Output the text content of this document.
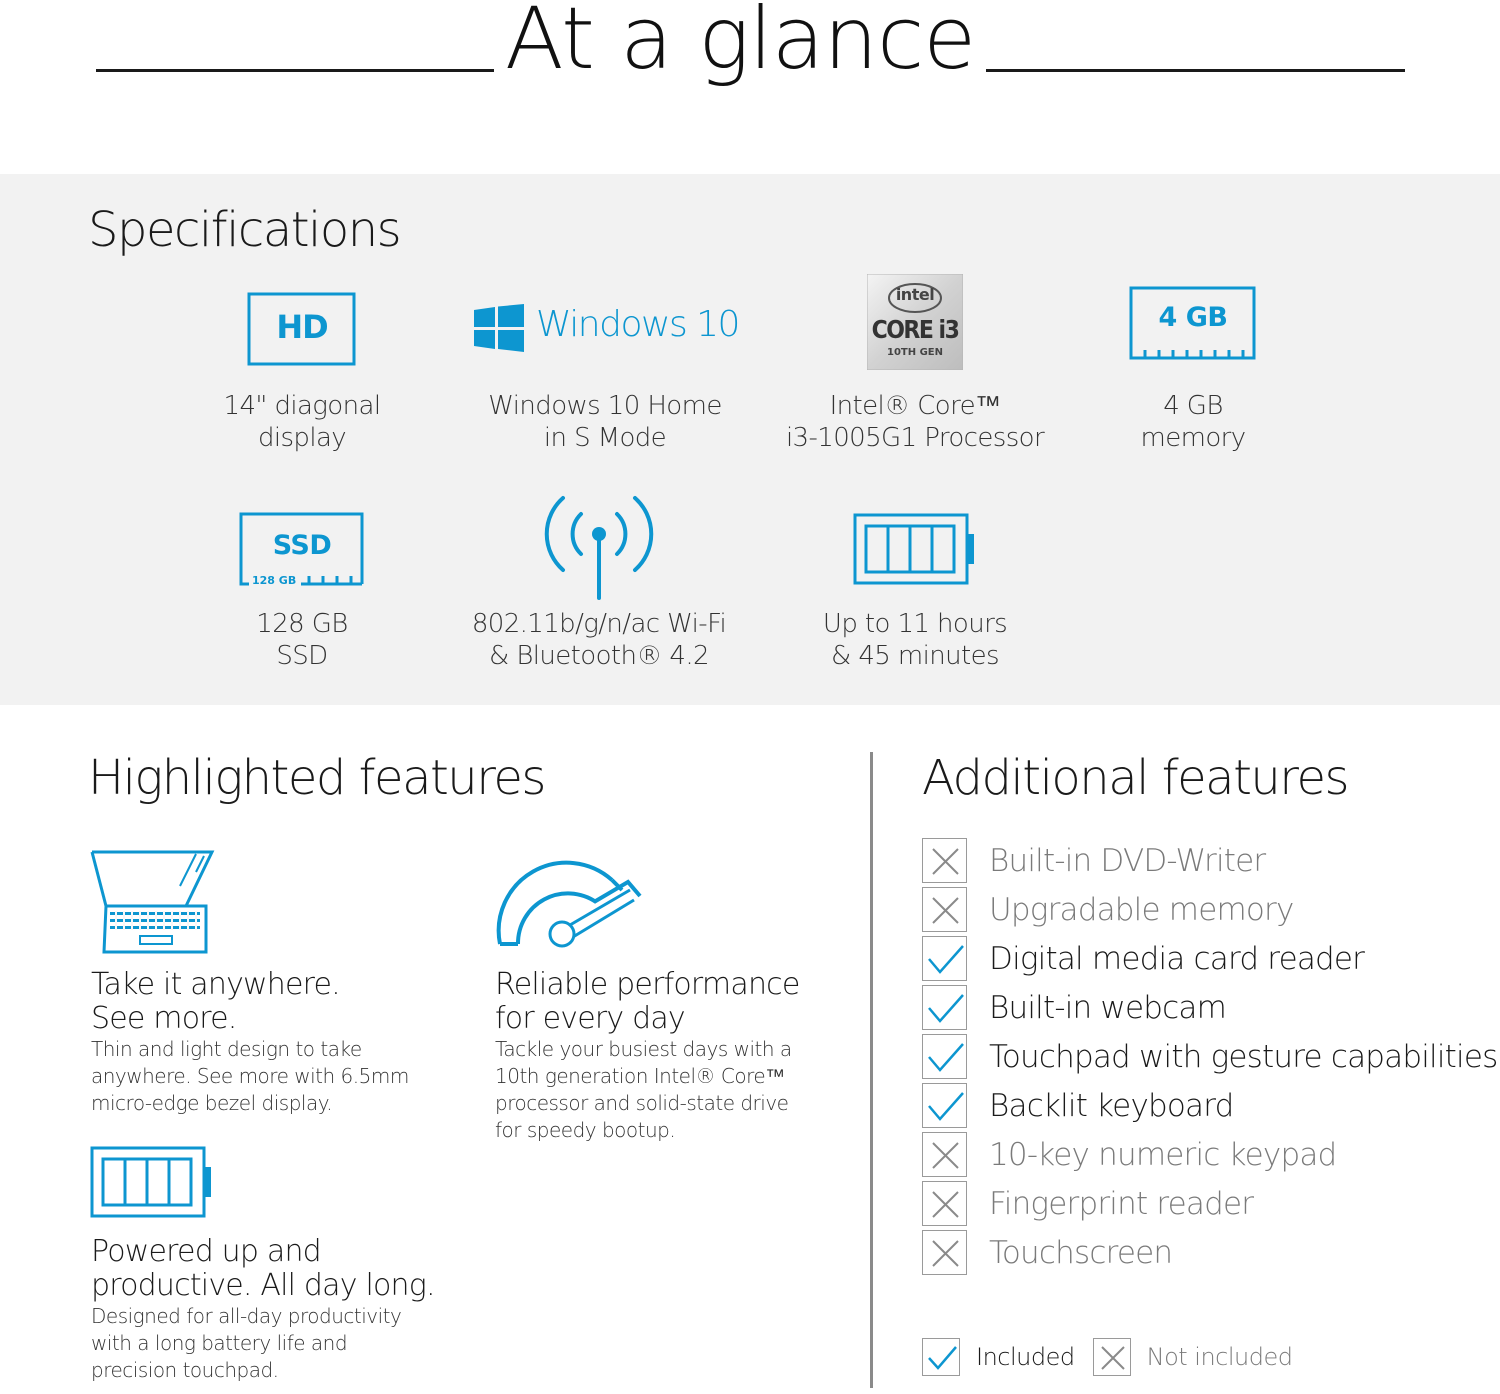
At a glance
Specifications
HD
14" diagonal
display
Windows 10
Windows 10 Home
in S Mode
intel
CORE i3
10TH GEN
Intel® Core™
i3-1005G1 Processor
4 GB
4 GB
memory
SSD
128 GB
128 GB
SSD
802.11b/g/n/ac Wi-Fi
& Bluetooth® 4.2
Up to 11 hours
& 45 minutes
Highlighted features
Take it anywhere.
See more.
Thin and light design to take
anywhere. See more with 6.5mm
micro-edge bezel display.
Reliable performance
for every day
Tackle your busiest days with a
10th generation Intel® Core™
processor and solid-state drive
for speedy bootup.
Powered up and
productive. All day long.
Designed for all-day productivity
with a long battery life and
precision touchpad.
Additional features
Built-in DVD-Writer
Upgradable memory
Digital media card reader
Built-in webcam
Touchpad with gesture capabilities
Backlit keyboard
10-key numeric keypad
Fingerprint reader
Touchscreen
Included	Not included
